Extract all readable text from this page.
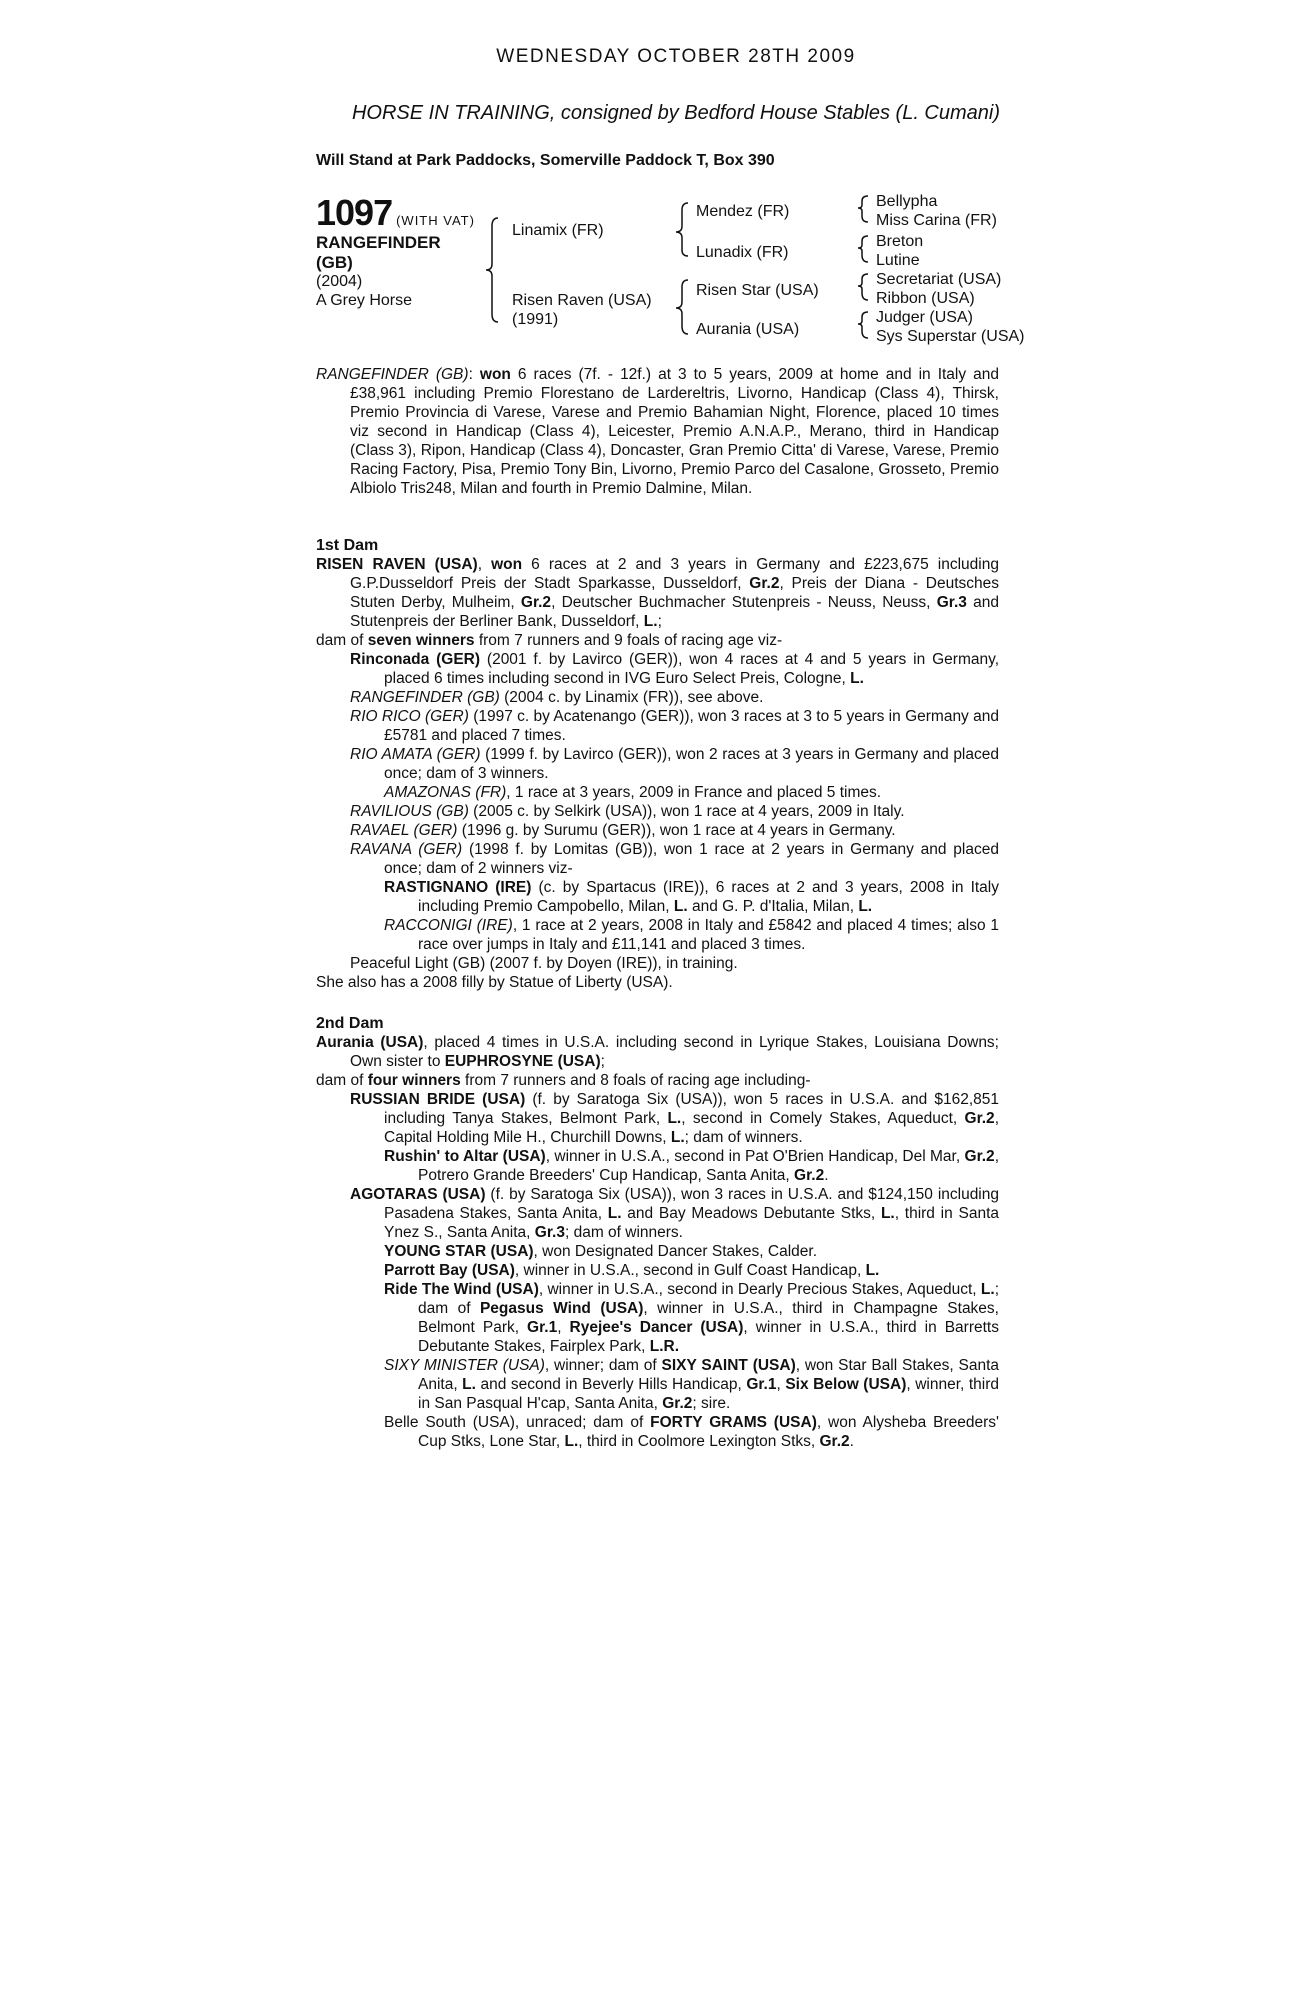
WEDNESDAY OCTOBER 28TH 2009
HORSE IN TRAINING, consigned by Bedford House Stables (L. Cumani)
Will Stand at Park Paddocks, Somerville Paddock T, Box 390
1097 (WITH VAT)
RANGEFINDER
(GB)
(2004)
A Grey Horse
Linamix (FR)
Risen Raven (USA)
(1991)
Mendez (FR)
Lunadix (FR)
Risen Star (USA)
Aurania (USA)
Bellypha
Miss Carina (FR)
Breton
Lutine
Secretariat (USA)
Ribbon (USA)
Judger (USA)
Sys Superstar (USA)

RANGEFINDER (GB): won 6 races (7f. - 12f.) at 3 to 5 years, 2009 at home and in Italy and £38,961 including Premio Florestano de Lardereltris, Livorno, Handicap (Class 4), Thirsk, Premio Provincia di Varese, Varese and Premio Bahamian Night, Florence, placed 10 times viz second in Handicap (Class 4), Leicester, Premio A.N.A.P., Merano, third in Handicap (Class 3), Ripon, Handicap (Class 4), Doncaster, Gran Premio Citta' di Varese, Varese, Premio Racing Factory, Pisa, Premio Tony Bin, Livorno, Premio Parco del Casalone, Grosseto, Premio Albiolo Tris248, Milan and fourth in Premio Dalmine, Milan.

1st Dam

RISEN RAVEN (USA), won 6 races at 2 and 3 years in Germany and £223,675 including G.P.Dusseldorf Preis der Stadt Sparkasse, Dusseldorf, Gr.2, Preis der Diana - Deutsches Stuten Derby, Mulheim, Gr.2, Deutscher Buchmacher Stutenpreis - Neuss, Neuss, Gr.3 and Stutenpreis der Berliner Bank, Dusseldorf, L.;

dam of seven winners from 7 runners and 9 foals of racing age viz-

Rinconada (GER) (2001 f. by Lavirco (GER)), won 4 races at 4 and 5 years in Germany, placed 6 times including second in IVG Euro Select Preis, Cologne, L.

RANGEFINDER (GB) (2004 c. by Linamix (FR)), see above.

RIO RICO (GER) (1997 c. by Acatenango (GER)), won 3 races at 3 to 5 years in Germany and £5781 and placed 7 times.

RIO AMATA (GER) (1999 f. by Lavirco (GER)), won 2 races at 3 years in Germany and placed once; dam of 3 winners.

AMAZONAS (FR), 1 race at 3 years, 2009 in France and placed 5 times.

RAVILIOUS (GB) (2005 c. by Selkirk (USA)), won 1 race at 4 years, 2009 in Italy.

RAVAEL (GER) (1996 g. by Surumu (GER)), won 1 race at 4 years in Germany.

RAVANA (GER) (1998 f. by Lomitas (GB)), won 1 race at 2 years in Germany and placed once; dam of 2 winners viz-

RASTIGNANO (IRE) (c. by Spartacus (IRE)), 6 races at 2 and 3 years, 2008 in Italy including Premio Campobello, Milan, L. and G. P. d'Italia, Milan, L.

RACCONIGI (IRE), 1 race at 2 years, 2008 in Italy and £5842 and placed 4 times; also 1 race over jumps in Italy and £11,141 and placed 3 times.

Peaceful Light (GB) (2007 f. by Doyen (IRE)), in training.

She also has a 2008 filly by Statue of Liberty (USA).

2nd Dam

Aurania (USA), placed 4 times in U.S.A. including second in Lyrique Stakes, Louisiana Downs; Own sister to EUPHROSYNE (USA);

dam of four winners from 7 runners and 8 foals of racing age including-

RUSSIAN BRIDE (USA) (f. by Saratoga Six (USA)), won 5 races in U.S.A. and $162,851 including Tanya Stakes, Belmont Park, L., second in Comely Stakes, Aqueduct, Gr.2, Capital Holding Mile H., Churchill Downs, L.; dam of winners.

Rushin' to Altar (USA), winner in U.S.A., second in Pat O'Brien Handicap, Del Mar, Gr.2, Potrero Grande Breeders' Cup Handicap, Santa Anita, Gr.2.

AGOTARAS (USA) (f. by Saratoga Six (USA)), won 3 races in U.S.A. and $124,150 including Pasadena Stakes, Santa Anita, L. and Bay Meadows Debutante Stks, L., third in Santa Ynez S., Santa Anita, Gr.3; dam of winners.

YOUNG STAR (USA), won Designated Dancer Stakes, Calder.

Parrott Bay (USA), winner in U.S.A., second in Gulf Coast Handicap, L.

Ride The Wind (USA), winner in U.S.A., second in Dearly Precious Stakes, Aqueduct, L.; dam of Pegasus Wind (USA), winner in U.S.A., third in Champagne Stakes, Belmont Park, Gr.1, Ryejee's Dancer (USA), winner in U.S.A., third in Barretts Debutante Stakes, Fairplex Park, L.R.

SIXY MINISTER (USA), winner; dam of SIXY SAINT (USA), won Star Ball Stakes, Santa Anita, L. and second in Beverly Hills Handicap, Gr.1, Six Below (USA), winner, third in San Pasqual H'cap, Santa Anita, Gr.2; sire.

Belle South (USA), unraced; dam of FORTY GRAMS (USA), won Alysheba Breeders' Cup Stks, Lone Star, L., third in Coolmore Lexington Stks, Gr.2.
